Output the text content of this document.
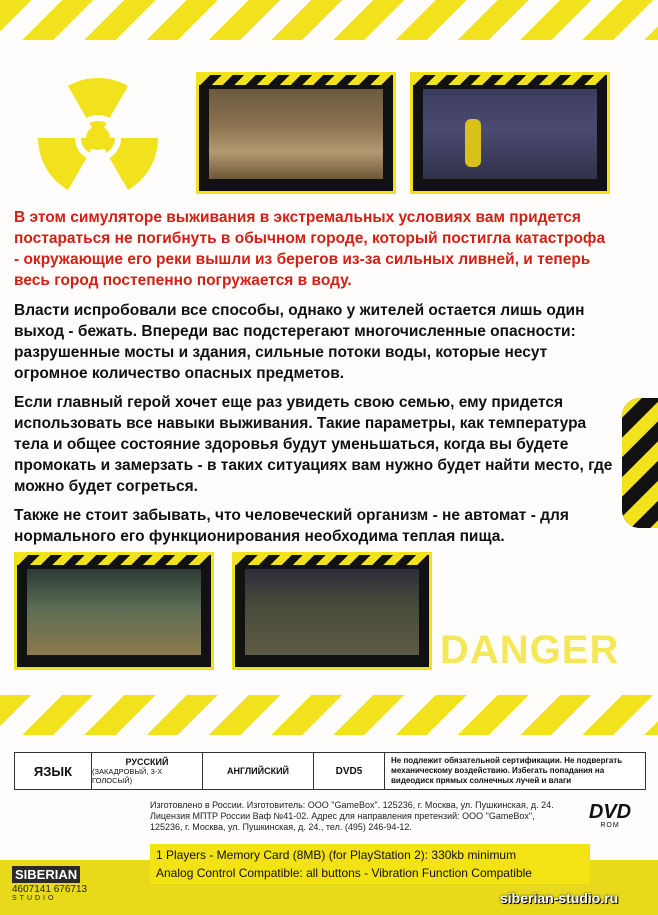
В этом симуляторе выживания в экстремальных условиях вам придется постараться не погибнуть в обычном городе, который постигла катастрофа - окружающие его реки вышли из берегов из-за сильных ливней, и теперь весь город постепенно погружается в воду.
Власти испробовали все способы, однако у жителей остается лишь один выход - бежать. Впереди вас подстерегают многочисленные опасности: разрушенные мосты и здания, сильные потоки воды, которые несут огромное количество опасных предметов.
Если главный герой хочет еще раз увидеть свою семью, ему придется использовать все навыки выживания. Такие параметры, как температура тела и общее состояние здоровья будут уменьшаться, когда вы будете промокать и замерзать - в таких ситуациях вам нужно будет найти место, где можно будет согреться.
Также не стоит забывать, что человеческий организм - не автомат - для нормального его функционирования необходима теплая пища.
DANGER
ЯЗЫК
РУССКИЙ
(ЗАКАДРОВЫЙ, 3-Х ГОЛОСЫЙ)
АНГЛИЙСКИЙ	DVD5
Не подлежит обязательной сертификации. Не подвергать механическому воздействию. Избегать попадания на видеодиск прямых солнечных лучей и влаги
Изготовлено в России. Изготовитель: ООО "GameBox". 125236, г. Москва, ул. Пушкинская, д. 24.
Лицензия МПТР России Ваф №41-02. Адрес для направления претензий: ООО "GameBox",
125236, г. Москва, ул. Пушкинская, д. 24., тел. (495) 246-94-12.
DVD
ROM
1 Players - Memory Card (8MB) (for PlayStation 2): 330kb minimum
Analog Control Compatible: all buttons - Vibration Function Compatible
SIBERIAN
4607141 676713
STUDIO	siberian-studio.ru
